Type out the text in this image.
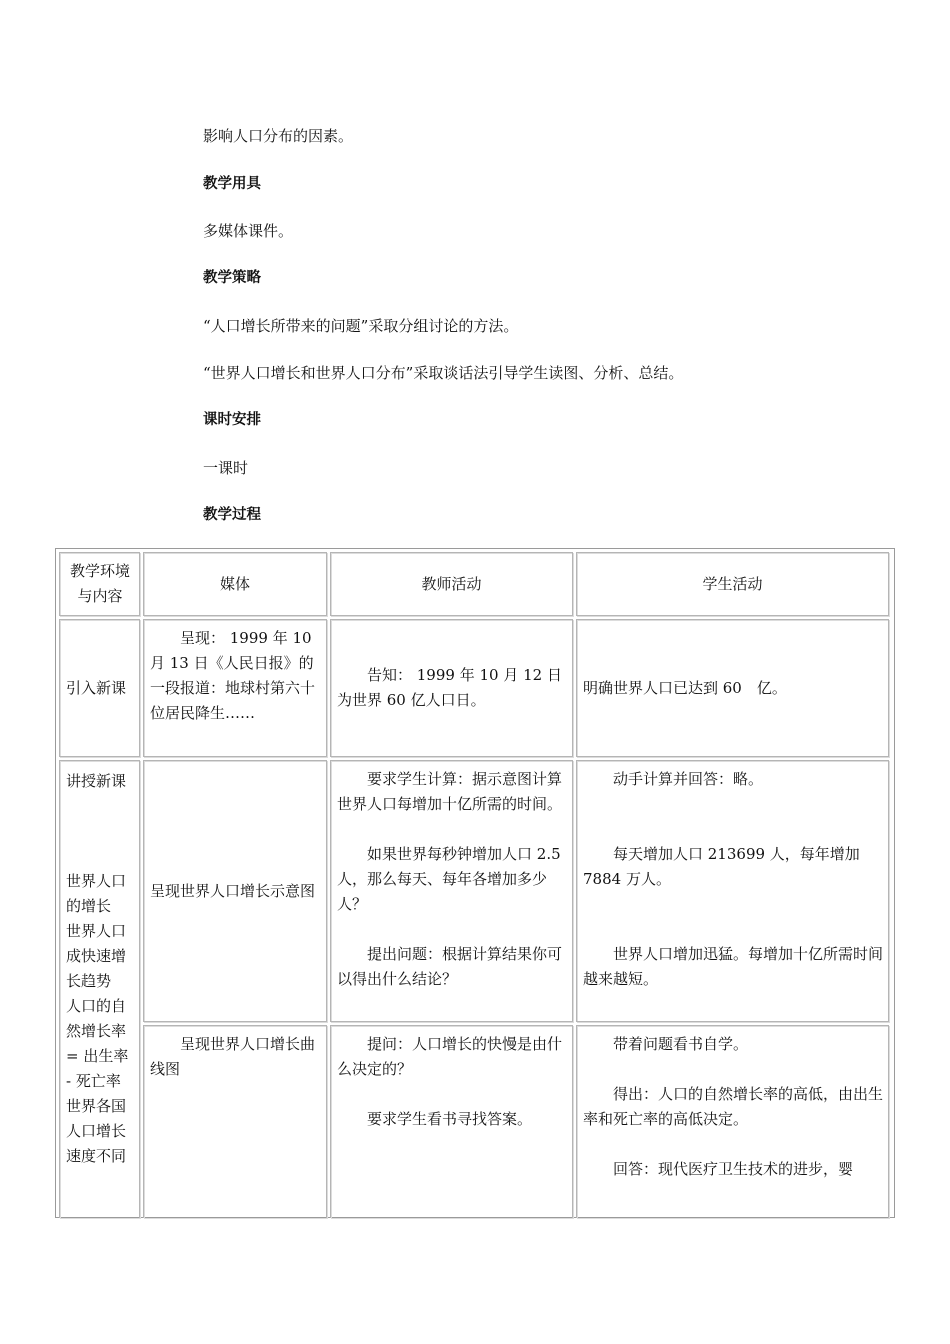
影响人口分布的因素。
教学用具
多媒体课件。
教学策略
“人口增长所带来的问题”采取分组讨论的方法。
“世界人口增长和世界人口分布”采取谈话法引导学生读图、分析、总结。
课时安排
一课时
教学过程
教学环境与内容
媒体	教师活动	学生活动
引入新课

呈现： 1999 年 10 月 13 日《人民日报》的一段报道：地球村第六十位居民降生……

告知： 1999 年 10 月 12 日为世界 60 亿人口日。

明确世界人口已达到 60　亿。

讲授新课

世界人口

的增长

世界人口

成快速增

长趋势

人口的自

然增长率

= 出生率

- 死亡率

世界各国

人口增长

速度不同

呈现世界人口增长示意图

要求学生计算：据示意图计算世界人口每增加十亿所需的时间。

如果世界每秒钟增加人口 2.5 人，那么每天、每年各增加多少人？

提出问题：根据计算结果你可以得出什么结论？

动手计算并回答：略。

每天增加人口 213699 人，每年增加 7884 万人。

世界人口增加迅猛。每增加十亿所需时间越来越短。

呈现世界人口增长曲线图

提问：人口增长的快慢是由什么决定的？

要求学生看书寻找答案。

带着问题看书自学。

得出：人口的自然增长率的高低，由出生率和死亡率的高低决定。

回答：现代医疗卫生技术的进步，婴
